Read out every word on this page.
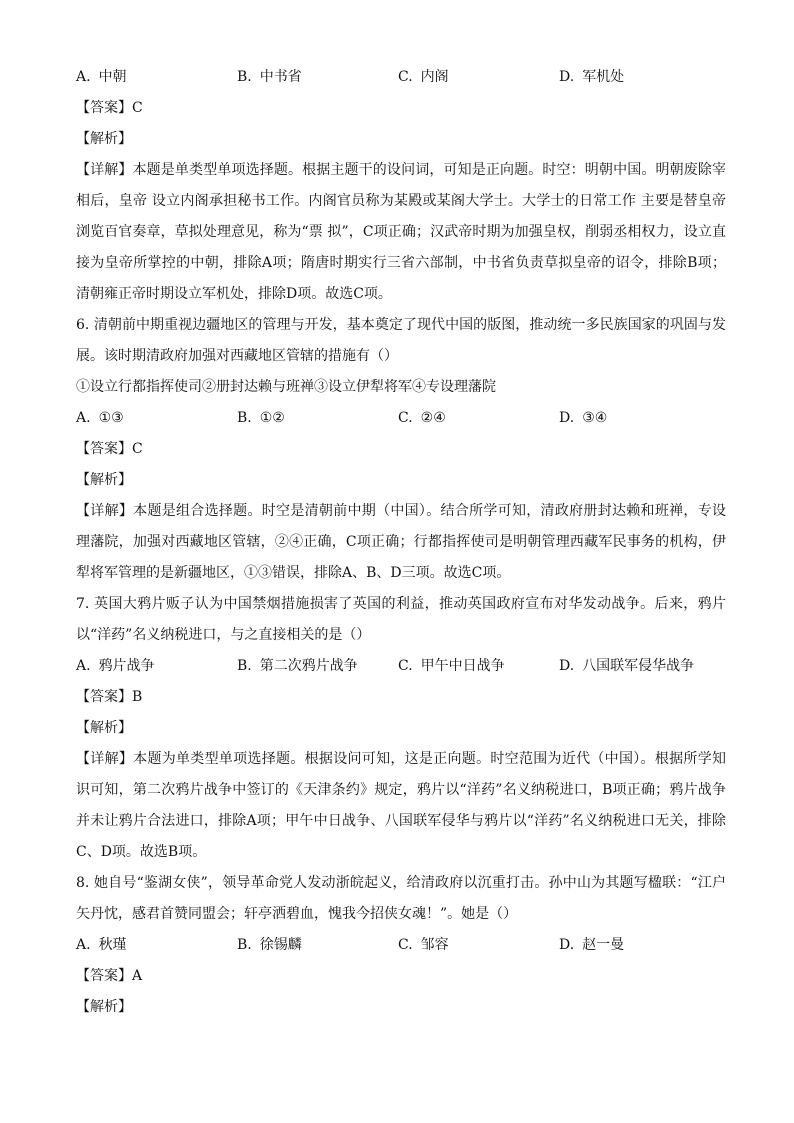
A. 中朝	B. 中书省	C. 内阁	D. 军机处
【答案】C
【解析】
【详解】本题是单类型单项选择题。根据主题干的设问词，可知是正向题。时空：明朝中国。明朝废除宰相后，皇帝 设立内阁承担秘书工作。内阁官员称为某殿或某阁大学士。大学士的日常工作 主要是替皇帝浏览百官奏章，草拟处理意见，称为“票 拟”，C项正确；汉武帝时期为加强皇权，削弱丞相权力，设立直 接为皇帝所掌控的中朝，排除A项；隋唐时期实行三省六部制，中书省负责草拟皇帝的诏令，排除B项；清朝雍正帝时期设立军机处，排除D项。故选C项。
6. 清朝前中期重视边疆地区的管理与开发，基本奠定了现代中国的版图，推动统一多民族国家的巩固与发展。该时期清政府加强对西藏地区管辖的措施有（）
①设立行都指挥使司②册封达赖与班禅③设立伊犁将军④专设理藩院
A. ①③	B. ①②	C. ②④	D. ③④
【答案】C
【解析】
【详解】本题是组合选择题。时空是清朝前中期（中国）。结合所学可知，清政府册封达赖和班禅，专设理藩院，加强对西藏地区管辖，②④正确，C项正确；行都指挥使司是明朝管理西藏军民事务的机构，伊犁将军管理的是新疆地区，①③错误，排除A、B、D三项。故选C项。
7. 英国大鸦片贩子认为中国禁烟措施损害了英国的利益，推动英国政府宣布对华发动战争。后来，鸦片以“洋药”名义纳税进口，与之直接相关的是（）
A. 鸦片战争	B. 第二次鸦片战争	C. 甲午中日战争	D. 八国联军侵华战争
【答案】B
【解析】
【详解】本题为单类型单项选择题。根据设问可知，这是正向题。时空范围为近代（中国）。根据所学知识可知，第二次鸦片战争中签订的《天津条约》规定，鸦片以“洋药”名义纳税进口，B项正确；鸦片战争并未让鸦片合法进口，排除A项；甲午中日战争、八国联军侵华与鸦片以“洋药”名义纳税进口无关，排除C、D项。故选B项。
8. 她自号“鉴湖女侠”，领导革命党人发动浙皖起义，给清政府以沉重打击。孙中山为其题写楹联：“江户矢丹忱，感君首赞同盟会；轩亭洒碧血，愧我今招侠女魂！”。她是（）
A. 秋瑾	B. 徐锡麟	C. 邹容	D. 赵一曼
【答案】A
【解析】
